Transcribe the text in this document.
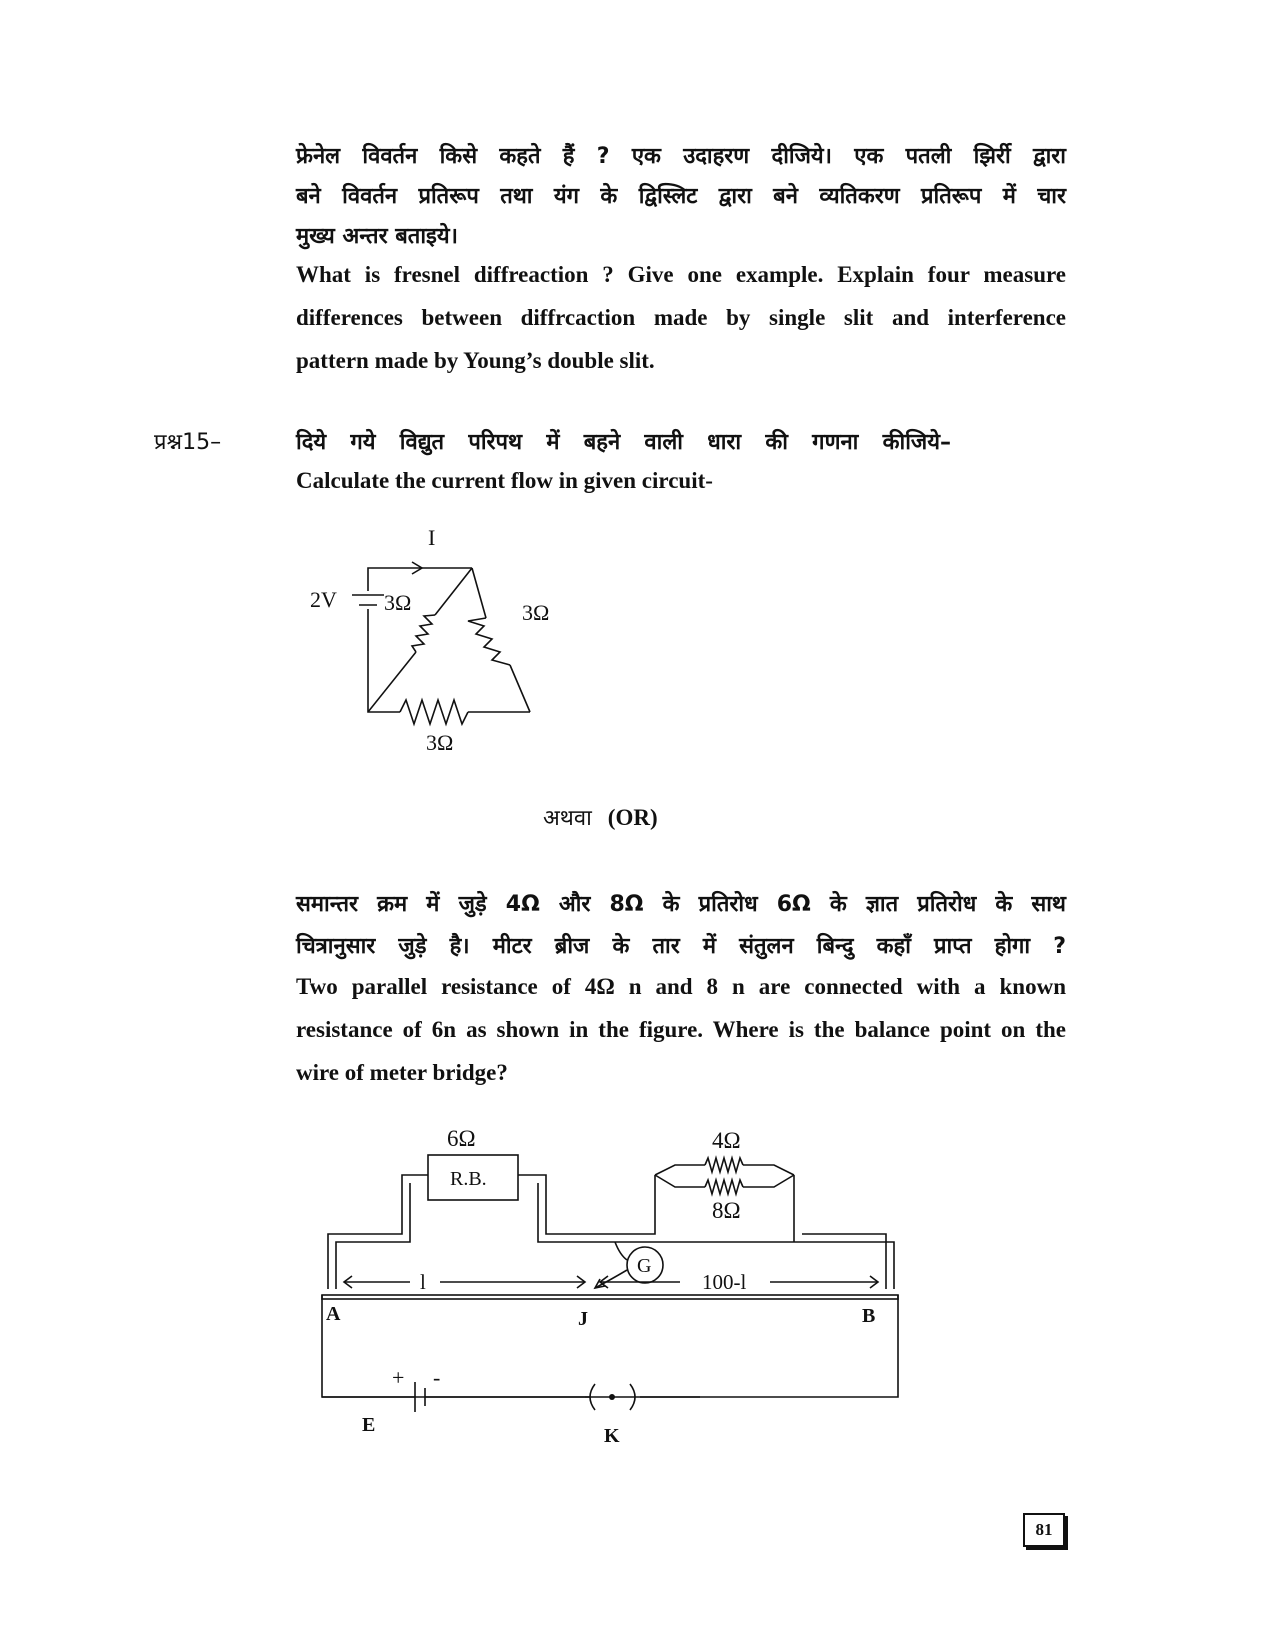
फ्रेनेल विवर्तन किसे कहते हैं ? एक उदाहरण दीजिये। एक पतली झिर्री द्वारा
बने विवर्तन प्रतिरूप तथा यंग के द्विस्लिट द्वारा बने व्यतिकरण प्रतिरूप में चार
मुख्य अन्तर बताइये।
What is fresnel diffreaction ? Give one example. Explain four measure
differences between diffrcaction made by single slit and interference
pattern made by Young’s double slit.
प्रश्न15–	दिये गये विद्युत परिपथ में बहने वाली धारा की गणना कीजिये–
Calculate the current flow in given circuit-
I
2V 3Ω	3Ω
3Ω
अथवा (OR)
समान्तर क्रम में जुड़े 4Ω और 8Ω के प्रतिरोध 6Ω के ज्ञात प्रतिरोध के साथ
चित्रानुसार जुड़े है। मीटर ब्रीज के तार में संतुलन बिन्दु कहाँ प्राप्त होगा ?
Two parallel resistance of 4Ω n and 8 n are connected with a known
resistance of 6n as shown in the figure. Where is the balance point on the
wire of meter bridge?
6Ω
R.B.
4Ω
8Ω
G
l	100-l
A	J	B
+ -
E	K
81
